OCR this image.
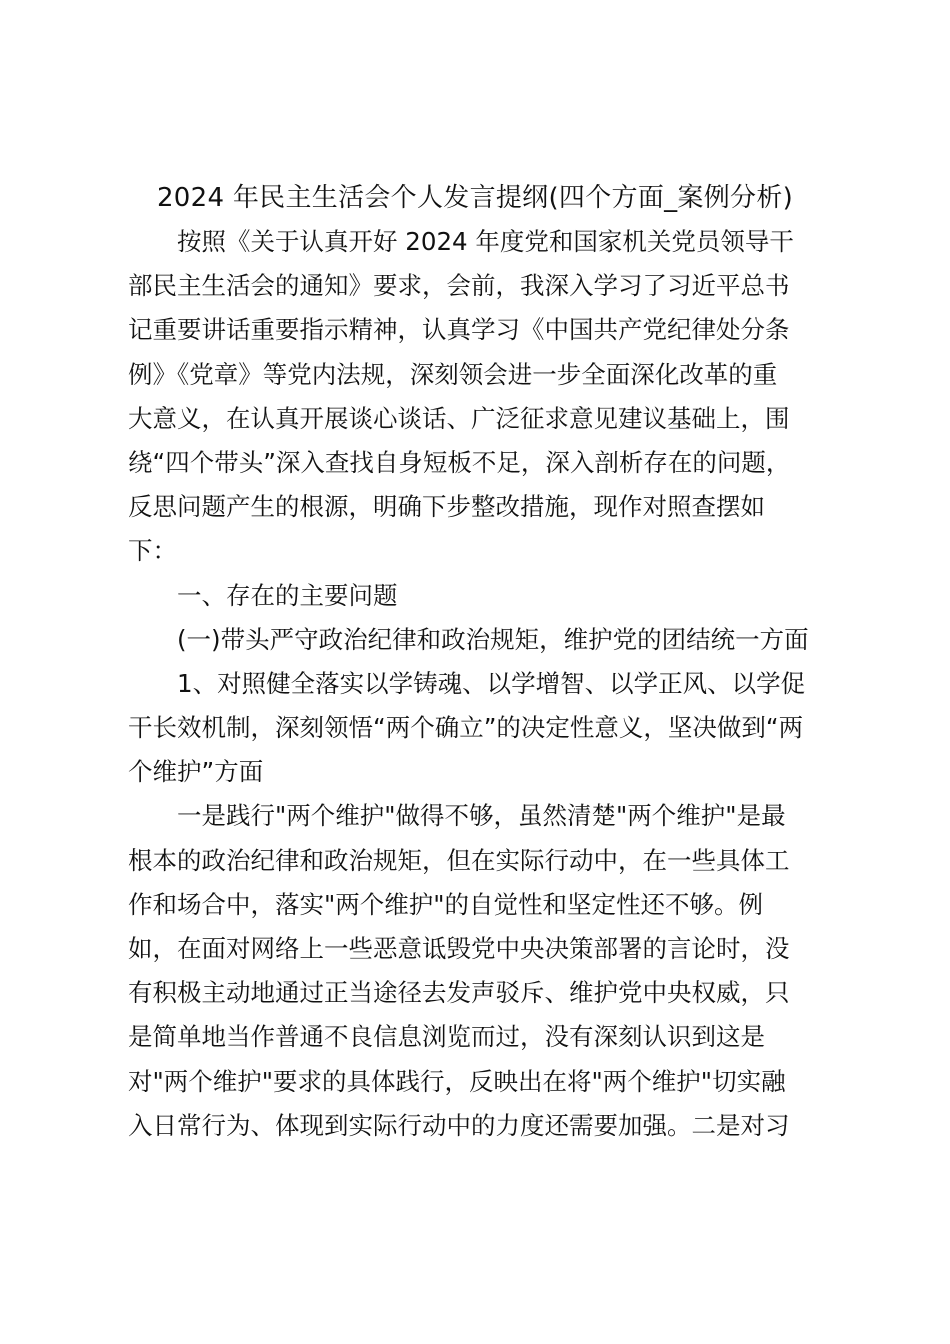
2024 年民主生活会个人发言提纲(四个方面_案例分析)
按照《关于认真开好 2024 年度党和国家机关党员领导干
部民主生活会的通知》要求，会前，我深入学习了习近平总书
记重要讲话重要指示精神，认真学习《中国共产党纪律处分条
例》《党章》等党内法规，深刻领会进一步全面深化改革的重
大意义，在认真开展谈心谈话、广泛征求意见建议基础上，围
绕“四个带头”深入查找自身短板不足，深入剖析存在的问题，
反思问题产生的根源，明确下步整改措施，现作对照查摆如
下：
一、存在的主要问题
(一)带头严守政治纪律和政治规矩，维护党的团结统一方面
1、对照健全落实以学铸魂、以学增智、以学正风、以学促
干长效机制，深刻领悟“两个确立”的决定性意义，坚决做到“两
个维护”方面
一是践行"两个维护"做得不够，虽然清楚"两个维护"是最
根本的政治纪律和政治规矩，但在实际行动中，在一些具体工
作和场合中，落实"两个维护"的自觉性和坚定性还不够。例
如，在面对网络上一些恶意诋毁党中央决策部署的言论时，没
有积极主动地通过正当途径去发声驳斥、维护党中央权威，只
是简单地当作普通不良信息浏览而过，没有深刻认识到这是
对"两个维护"要求的具体践行，反映出在将"两个维护"切实融
入日常行为、体现到实际行动中的力度还需要加强。二是对习
